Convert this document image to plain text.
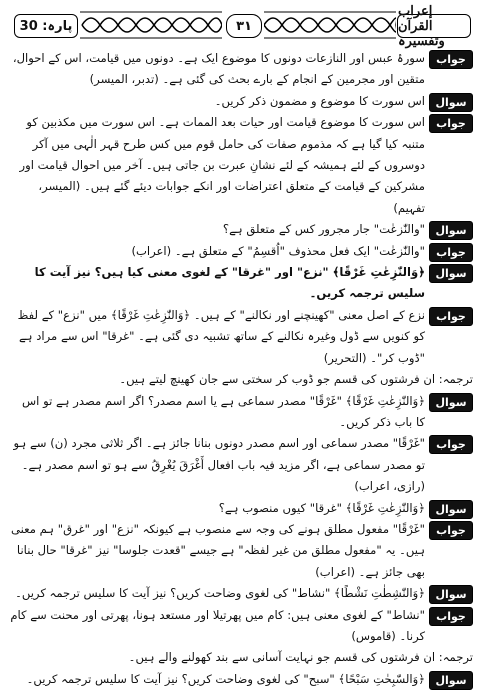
پارہ: 30	۳۱
إعراب القرآن وتفسیرہ
جواب

سورۂ عبس اور النازعات دونوں کا موضوع ایک ہے۔ دونوں میں قیامت، اس کے احوال، متقین اور مجرمین کے انجام کے بارے بحث کی گئی ہے۔ (تدبر، المیسر)

سوال

اس سورت کا موضوع و مضمون ذکر کریں۔

جواب

اس سورت کا موضوع قیامت اور حیات بعد الممات ہے۔ اس سورت میں مکذبین کو متنبہ کیا گیا ہے کہ مذموم صفات کی حامل قوم میں کس طرح قہر الٰہی میں آکر دوسروں کے لئے ہمیشہ کے لئے نشانِ عبرت بن جاتی ہیں۔ آخر میں احوال قیامت اور مشرکین کے قیامت کے متعلق اعتراضات اور انکے جوابات دیئے گئے ہیں۔ (المیسر، تفہیم)

سوال

"والنّٰزعٰت" جار مجرور کس کے متعلق ہے؟

جواب

"والنّٰزعٰت" ایک فعل محذوف "اُقسِمُ" کے متعلق ہے۔ (اعراب)

سوال

﴿وَالنّٰزِعٰتِ غَرْقًا﴾ "نزع" اور "غرقا" کے لغوی معنی کیا ہیں؟ نیز آیت کا سلیس ترجمہ کریں۔

جواب

نزع کے اصل معنی "کھینچنے اور نکالنے" کے ہیں۔ ﴿وَالنّٰزِعٰتِ غَرْقًا﴾ میں "نزع" کے لفظ کو کنویں سے ڈول وغیرہ نکالنے کے ساتھ تشبیہ دی گئی ہے۔ "غرقا" اس سے مراد ہے "ڈوب کر"۔ (التحریر)

ترجمہ: ان فرشتوں کی قسم جو ڈوب کر سختی سے جان کھینچ لیتے ہیں۔

سوال

﴿وَالنّٰزِعٰتِ غَرْقًا﴾ "غَرْقًا" مصدر سماعی ہے یا اسم مصدر؟ اگر اسم مصدر ہے تو اس کا باب ذکر کریں۔

جواب

"غَرْقًا" مصدر سماعی اور اسم مصدر دونوں بنانا جائز ہے۔ اگر ثلاثی مجرد (ن) سے ہو تو مصدر سماعی ہے، اگر مزید فیہ باب افعال أَغْرَقَ يُغْرِقُ سے ہو تو اسم مصدر ہے۔ (رازی، اعراب)

سوال

﴿وَالنّٰزِعٰتِ غَرْقًا﴾ "غرقا" کیوں منصوب ہے؟

جواب

"غَرْقًا" مفعول مطلق ہونے کی وجہ سے منصوب ہے کیونکہ "نزع" اور "غرق" ہم معنی ہیں۔ یہ "مفعول مطلق من غیر لفظہ" ہے جیسے "قعدت جلوسا" نیز "غرقا" حال بنانا بھی جائز ہے۔ (اعراب)

سوال

﴿وَالنّٰشِطٰتِ نَشْطًا﴾ "نشاط" کی لغوی وضاحت کریں؟ نیز آیت کا سلیس ترجمہ کریں۔

جواب

"نشاط" کے لغوی معنی ہیں: کام میں پھرتیلا اور مستعد ہونا، پھرتی اور محنت سے کام کرنا۔ (قاموس)

ترجمہ: ان فرشتوں کی قسم جو نہایت آسانی سے بند کھولنے والے ہیں۔

سوال

﴿وَالسّٰبِحٰتِ سَبْحًا﴾ "سبح" کی لغوی وضاحت کریں؟ نیز آیت کا سلیس ترجمہ کریں۔
